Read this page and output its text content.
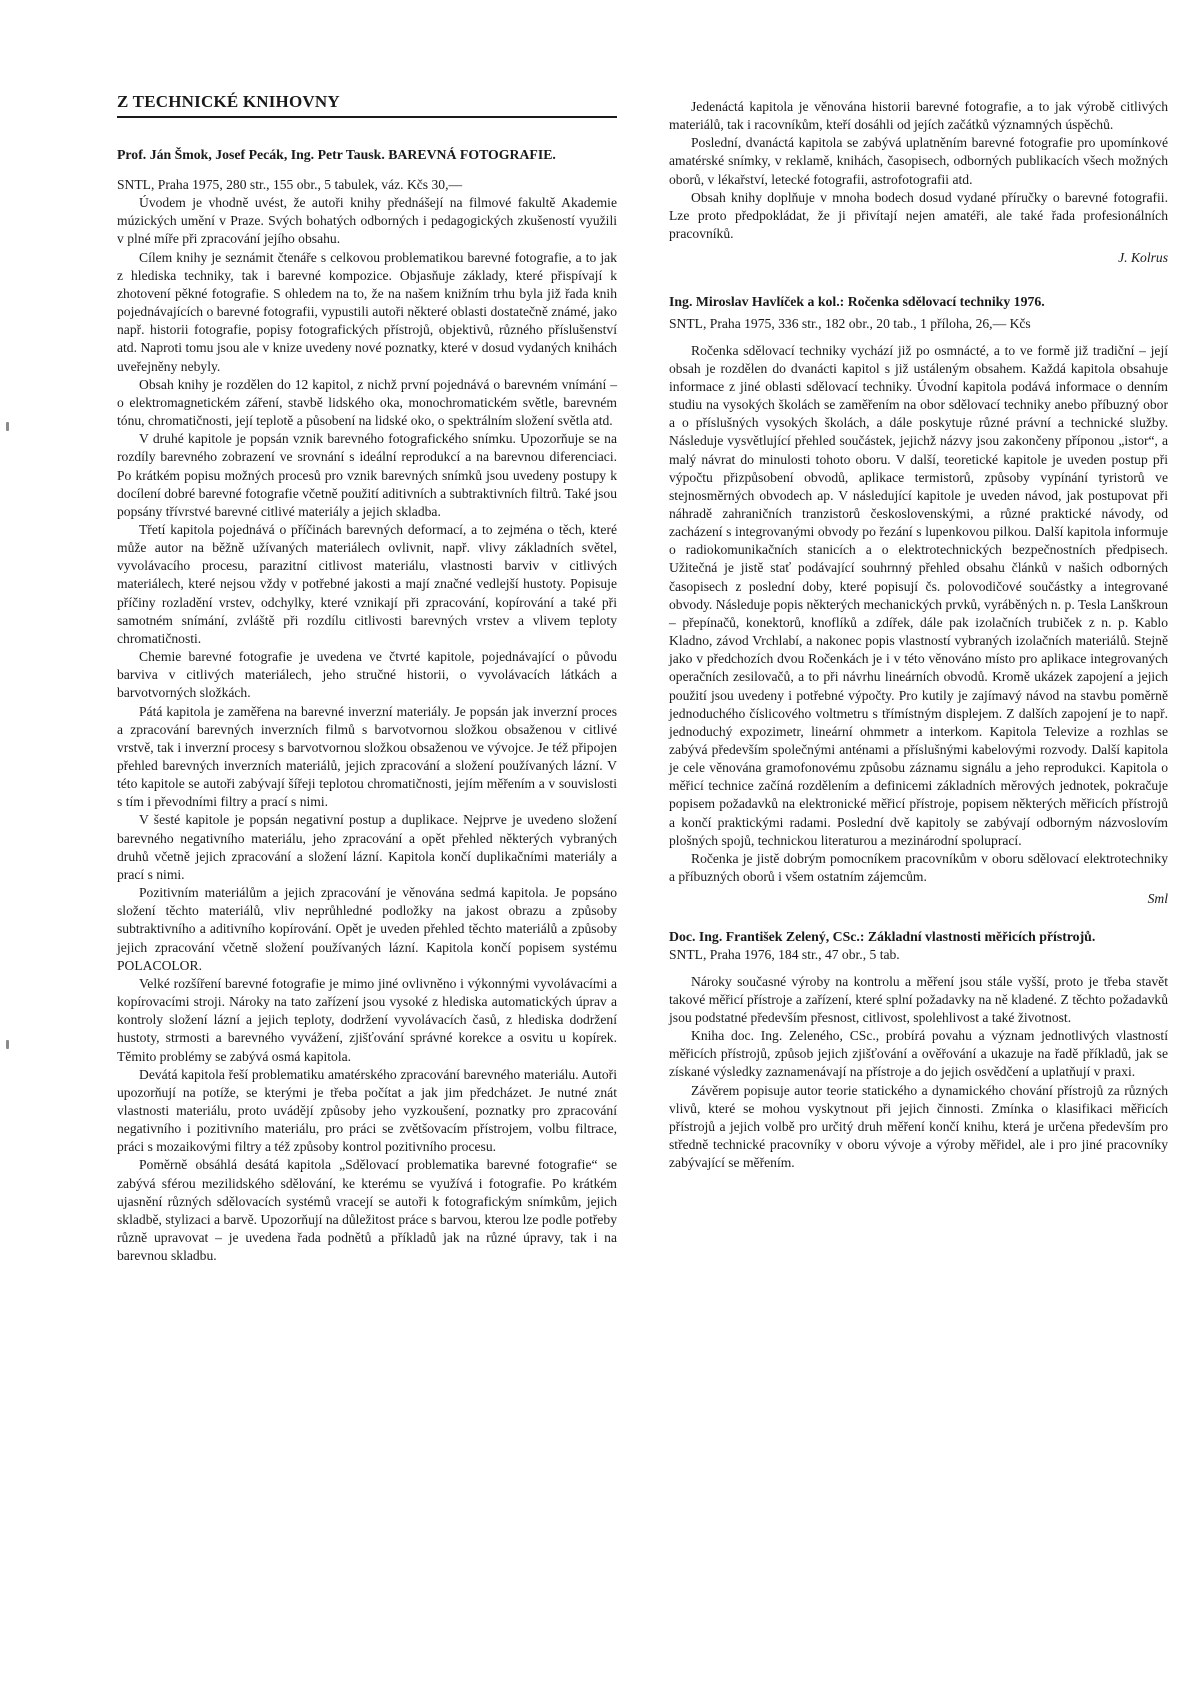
Z TECHNICKÉ KNIHOVNY

Prof. Ján Šmok, Josef Pecák, Ing. Petr Tausk. BAREVNÁ FOTOGRAFIE.

SNTL, Praha 1975, 280 str., 155 obr., 5 tabulek, váz. Kčs 30,—

Úvodem je vhodně uvést, že autoři knihy přednášejí na filmové fakultě Akademie múzických umění v Praze. Svých bohatých odborných i pedagogických zkušeností využili v plné míře při zpracování jejího obsahu.

Cílem knihy je seznámit čtenáře s celkovou problematikou barevné fotografie, a to jak z hlediska techniky, tak i barevné kompozice. Objasňuje základy, které přispívají k zhotovení pěkné fotografie. S ohledem na to, že na našem knižním trhu byla již řada knih pojednávajících o barevné fotografii, vypustili autoři některé oblasti dostatečně známé, jako např. historii fotografie, popisy fotografických přístrojů, objektivů, různého příslušenství atd. Naproti tomu jsou ale v knize uvedeny nové poznatky, které v dosud vydaných knihách uveřejněny nebyly.

Obsah knihy je rozdělen do 12 kapitol, z nichž první pojednává o barevném vnímání – o elektromagnetickém záření, stavbě lidského oka, monochromatickém světle, barevném tónu, chromatičnosti, její teplotě a působení na lidské oko, o spektrálním složení světla atd.

V druhé kapitole je popsán vznik barevného fotografického snímku. Upozorňuje se na rozdíly barevného zobrazení ve srovnání s ideální reprodukcí a na barevnou diferenciaci. Po krátkém popisu možných procesů pro vznik barevných snímků jsou uvedeny postupy k docílení dobré barevné fotografie včetně použití aditivních a subtraktivních filtrů. Také jsou popsány třívrstvé barevné citlivé materiály a jejich skladba.

Třetí kapitola pojednává o příčinách barevných deformací, a to zejména o těch, které může autor na běžně užívaných materiálech ovlivnit, např. vlivy základních světel, vyvolávacího procesu, parazitní citlivost materiálu, vlastnosti barviv v citlivých materiálech, které nejsou vždy v potřebné jakosti a mají značné vedlejší hustoty. Popisuje příčiny rozladění vrstev, odchylky, které vznikají při zpracování, kopírování a také při samotném snímání, zvláště při rozdílu citlivosti barevných vrstev a vlivem teploty chromatičnosti.

Chemie barevné fotografie je uvedena ve čtvrté kapitole, pojednávající o původu barviva v citlivých materiálech, jeho stručné historii, o vyvolávacích látkách a barvotvorných složkách.

Pátá kapitola je zaměřena na barevné inverzní materiály. Je popsán jak inverzní proces a zpracování barevných inverzních filmů s barvotvornou složkou obsaženou v citlivé vrstvě, tak i inverzní procesy s barvotvornou složkou obsaženou ve vývojce. Je též připojen přehled barevných inverzních materiálů, jejich zpracování a složení používaných lázní. V této kapitole se autoři zabývají šířeji teplotou chromatičnosti, jejím měřením a v souvislosti s tím i převodními filtry a prací s nimi.

V šesté kapitole je popsán negativní postup a duplikace. Nejprve je uvedeno složení barevného negativního materiálu, jeho zpracování a opět přehled některých vybraných druhů včetně jejich zpracování a složení lázní. Kapitola končí duplikačními materiály a prací s nimi.

Pozitivním materiálům a jejich zpracování je věnována sedmá kapitola. Je popsáno složení těchto materiálů, vliv neprůhledné podložky na jakost obrazu a způsoby subtraktivního a aditivního kopírování. Opět je uveden přehled těchto materiálů a způsoby jejich zpracování včetně složení používaných lázní. Kapitola končí popisem systému POLACOLOR.

Velké rozšíření barevné fotografie je mimo jiné ovlivněno i výkonnými vyvolávacími a kopírovacími stroji. Nároky na tato zařízení jsou vysoké z hlediska automatických úprav a kontroly složení lázní a jejich teploty, dodržení vyvolávacích časů, z hlediska dodržení hustoty, strmosti a barevného vyvážení, zjišťování správné korekce a osvitu u kopírek. Těmito problémy se zabývá osmá kapitola.

Devátá kapitola řeší problematiku amatérského zpracování barevného materiálu. Autoři upozorňují na potíže, se kterými je třeba počítat a jak jim předcházet. Je nutné znát vlastnosti materiálu, proto uvádějí způsoby jeho vyzkoušení, poznatky pro zpracování negativního i pozitivního materiálu, pro práci se zvětšovacím přístrojem, volbu filtrace, práci s mozaikovými filtry a též způsoby kontrol pozitivního procesu.

Poměrně obsáhlá desátá kapitola „Sdělovací problematika barevné fotografie“ se zabývá sférou mezilidského sdělování, ke kterému se využívá i fotografie. Po krátkém ujasnění různých sdělovacích systémů vracejí se autoři k fotografickým snímkům, jejich skladbě, stylizaci a barvě. Upozorňují na důležitost práce s barvou, kterou lze podle potřeby různě upravovat – je uvedena řada podnětů a příkladů jak na různé úpravy, tak i na barevnou skladbu.

Jedenáctá kapitola je věnována historii barevné fotografie, a to jak výrobě citlivých materiálů, tak i racovníkům, kteří dosáhli od jejích začátků významných úspěchů.

Poslední, dvanáctá kapitola se zabývá uplatněním barevné fotografie pro upomínkové amatérské snímky, v reklamě, knihách, časopisech, odborných publikacích všech možných oborů, v lékařství, letecké fotografii, astrofotografii atd.

Obsah knihy doplňuje v mnoha bodech dosud vydané příručky o barevné fotografii. Lze proto předpokládat, že ji přivítají nejen amatéři, ale také řada profesionálních pracovníků.

J. Kolrus

Ing. Miroslav Havlíček a kol.: Ročenka sdělovací techniky 1976.

SNTL, Praha 1975, 336 str., 182 obr., 20 tab., 1 příloha, 26,— Kčs

Ročenka sdělovací techniky vychází již po osmnácté, a to ve formě již tradiční – její obsah je rozdělen do dvanácti kapitol s již ustáleným obsahem. Každá kapitola obsahuje informace z jiné oblasti sdělovací techniky. Úvodní kapitola podává informace o denním studiu na vysokých školách se zaměřením na obor sdělovací techniky anebo příbuzný obor a o příslušných vysokých školách, a dále poskytuje různé právní a technické služby. Následuje vysvětlující přehled součástek, jejichž názvy jsou zakončeny příponou „istor“, a malý návrat do minulosti tohoto oboru. V další, teoretické kapitole je uveden postup při výpočtu přizpůsobení obvodů, aplikace termistorů, způsoby vypínání tyristorů ve stejnosměrných obvodech ap. V následující kapitole je uveden návod, jak postupovat při náhradě zahraničních tranzistorů československými, a různé praktické návody, od zacházení s integrovanými obvody po řezání s lupenkovou pilkou. Další kapitola informuje o radiokomunikačních stanicích a o elektrotechnických bezpečnostních předpisech. Užitečná je jistě stať podávající souhrnný přehled obsahu článků v našich odborných časopisech z poslední doby, které popisují čs. polovodičové součástky a integrované obvody. Následuje popis některých mechanických prvků, vyráběných n. p. Tesla Lanškroun – přepínačů, konektorů, knoflíků a zdířek, dále pak izolačních trubiček z n. p. Kablo Kladno, závod Vrchlabí, a nakonec popis vlastností vybraných izolačních materiálů. Stejně jako v předchozích dvou Ročenkách je i v této věnováno místo pro aplikace integrovaných operačních zesilovačů, a to při návrhu lineárních obvodů. Kromě ukázek zapojení a jejich použití jsou uvedeny i potřebné výpočty. Pro kutily je zajímavý návod na stavbu poměrně jednoduchého číslicového voltmetru s třímístným displejem. Z dalších zapojení je to např. jednoduchý expozimetr, lineární ohmmetr a interkom. Kapitola Televize a rozhlas se zabývá především společnými anténami a příslušnými kabelovými rozvody. Další kapitola je cele věnována gramofonovému způsobu záznamu signálu a jeho reprodukci. Kapitola o měřicí technice začíná rozdělením a definicemi základních měrových jednotek, pokračuje popisem požadavků na elektronické měřicí přístroje, popisem některých měřicích přístrojů a končí praktickými radami. Poslední dvě kapitoly se zabývají odborným názvoslovím plošných spojů, technickou literaturou a mezinárodní spoluprací.

Ročenka je jistě dobrým pomocníkem pracovníkům v oboru sdělovací elektrotechniky a příbuzných oborů i všem ostatním zájemcům.

Sml

Doc. Ing. František Zelený, CSc.: Základní vlastnosti měřicích přístrojů.

SNTL, Praha 1976, 184 str., 47 obr., 5 tab.

Nároky současné výroby na kontrolu a měření jsou stále vyšší, proto je třeba stavět takové měřicí přístroje a zařízení, které splní požadavky na ně kladené. Z těchto požadavků jsou podstatné především přesnost, citlivost, spolehlivost a také životnost.

Kniha doc. Ing. Zeleného, CSc., probírá povahu a význam jednotlivých vlastností měřicích přístrojů, způsob jejich zjišťování a ověřování a ukazuje na řadě příkladů, jak se získané výsledky zaznamenávají na přístroje a do jejich osvědčení a uplatňují v praxi.

Závěrem popisuje autor teorie statického a dynamického chování přístrojů za různých vlivů, které se mohou vyskytnout při jejich činnosti. Zmínka o klasifikaci měřicích přístrojů a jejich volbě pro určitý druh měření končí knihu, která je určena především pro středně technické pracovníky v oboru vývoje a výroby měřidel, ale i pro jiné pracovníky zabývající se měřením.
